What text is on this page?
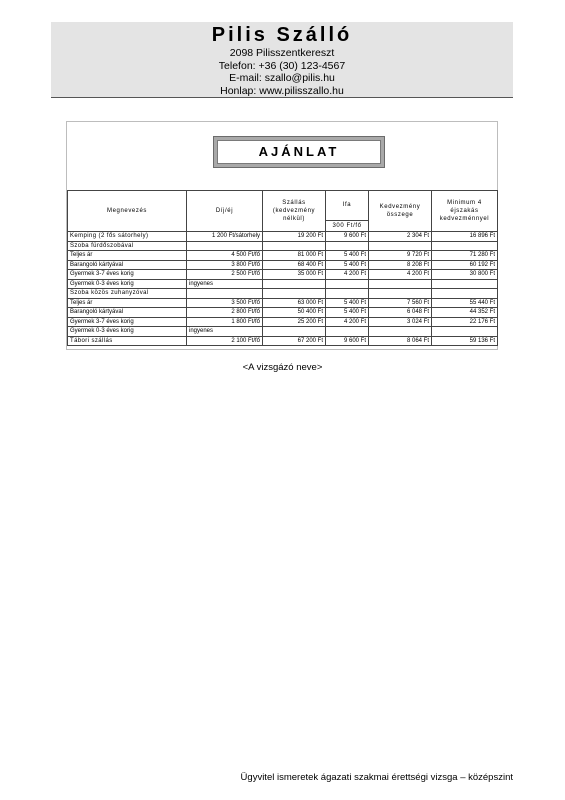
Pilis Szálló
2098 Pilisszentkereszt
Telefon: +36 (30) 123-4567
E-mail: szallo@pilis.hu
Honlap: www.pilisszallo.hu
AJÁNLAT
Megnevezés	Díj/éj	Szállás (kedvezmény nélkül)	Ifa	Kedvezmény összege	Minimum 4 éjszakás kedvezménnyel
			300 Ft/fő		
Kemping (2 fős sátorhely)	1 200 Ft/sátorhely	19 200 Ft	9 600 Ft	2 304 Ft	16 896 Ft
Szoba fürdőszobával					
Teljes ár	4 500 Ft/fő	81 000 Ft	5 400 Ft	9 720 Ft	71 280 Ft
Barangoló kártyával	3 800 Ft/fő	68 400 Ft	5 400 Ft	8 208 Ft	60 192 Ft
Gyermek 3-7 éves korig	2 500 Ft/fő	35 000 Ft	4 200 Ft	4 200 Ft	30 800 Ft
Gyermek 0-3 éves korig	ingyenes				
Szoba közös zuhanyzóval					
Teljes ár	3 500 Ft/fő	63 000 Ft	5 400 Ft	7 560 Ft	55 440 Ft
Barangoló kártyával	2 800 Ft/fő	50 400 Ft	5 400 Ft	6 048 Ft	44 352 Ft
Gyermek 3-7 éves korig	1 800 Ft/fő	25 200 Ft	4 200 Ft	3 024 Ft	22 176 Ft
Gyermek 0-3 éves korig	ingyenes				
Tábori szállás	2 100 Ft/fő	67 200 Ft	9 600 Ft	8 064 Ft	59 136 Ft
<A vizsgázó neve>
Ügyvitel ismeretek ágazati szakmai érettségi vizsga – középszint
